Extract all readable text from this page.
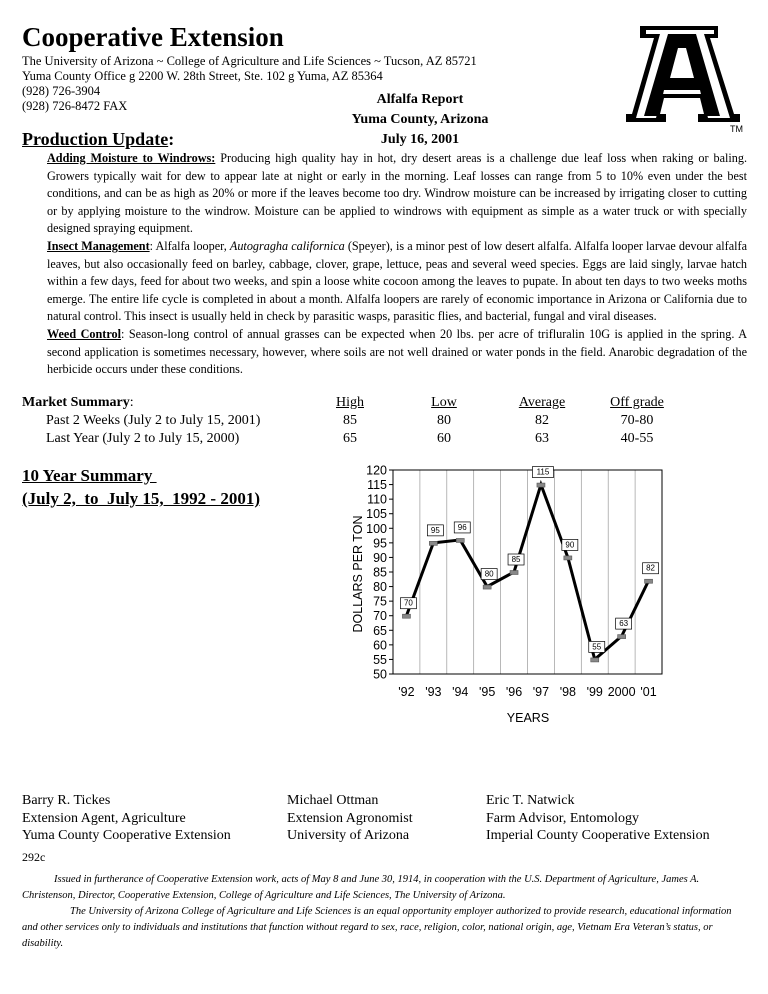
Cooperative Extension
The University of Arizona ~ College of Agriculture and Life Sciences ~ Tucson, AZ 85721
Yuma County Office g 2200 W. 28th Street, Ste. 102 g Yuma, AZ 85364
(928) 726-3904
(928) 726-8472 FAX	Alfalfa Report
Yuma County, Arizona
July 16, 2001
TM
Production Update:

Adding Moisture to Windrows: Producing high quality hay in hot, dry desert areas is a challenge due leaf loss when raking or baling. Growers typically wait for dew to appear late at night or early in the morning. Leaf losses can range from 5 to 10% even under the best conditions, and can be as high as 20% or more if the leaves become too dry. Windrow moisture can be increased by irrigating closer to cutting or by applying moisture to the windrow. Moisture can be applied to windrows with equipment as simple as a water truck or with specially designed spraying equipment.

Insect Management: Alfalfa looper, Autogragha californica (Speyer), is a minor pest of low desert alfalfa. Alfalfa looper larvae devour alfalfa leaves, but also occasionally feed on barley, cabbage, clover, grape, lettuce, peas and several weed species. Eggs are laid singly, larvae hatch within a few days, feed for about two weeks, and spin a loose white cocoon among the leaves to pupate. In about ten days to two weeks moths emerge. The entire life cycle is completed in about a month. Alfalfa loopers are rarely of economic importance in Arizona or California due to natural control. This insect is usually held in check by parasitic wasps, parasitic flies, and bacterial, fungal and viral diseases.

Weed Control: Season-long control of annual grasses can be expected when 20 lbs. per acre of trifluralin 10G is applied in the spring. A second application is sometimes necessary, however, where soils are not well drained or water ponds in the field. Anarobic degradation of the herbicide occurs under these conditions.

Market Summary:
Past 2 Weeks (July 2 to July 15, 2001)
Last Year (July 2 to July 15, 2000)
High
85
65
Low
80
60
Average
82
63
Off grade
70-80
40-55
10 Year Summary
(July 2,  to  July 15,  1992 - 2001)
120
115
110
105
100
95
90
85
80
75
70
65
60
55
50
'92 '93 '94 '95 '96 '97 '98 '99 2000 '01
70
95 96
80
85
115
90
55
63
82
DOLLARS PER TON
YEARS
Barry R. Tickes
Extension Agent, Agriculture
Yuma County Cooperative Extension
Michael Ottman
Extension Agronomist
University of Arizona
Eric T. Natwick
Farm Advisor, Entomology
Imperial County Cooperative Extension
292c

Issued in furtherance of Cooperative Extension work, acts of May 8 and June 30, 1914, in cooperation with the U.S. Department of Agriculture, James A. Christenson, Director, Cooperative Extension, College of Agriculture and Life Sciences, The University of Arizona.

The University of Arizona College of Agriculture and Life Sciences is an equal opportunity employer authorized to provide research, educational information and other services only to individuals and institutions that function without regard to sex, race, religion, color, national origin, age, Vietnam Era Veteran’s status, or disability.
